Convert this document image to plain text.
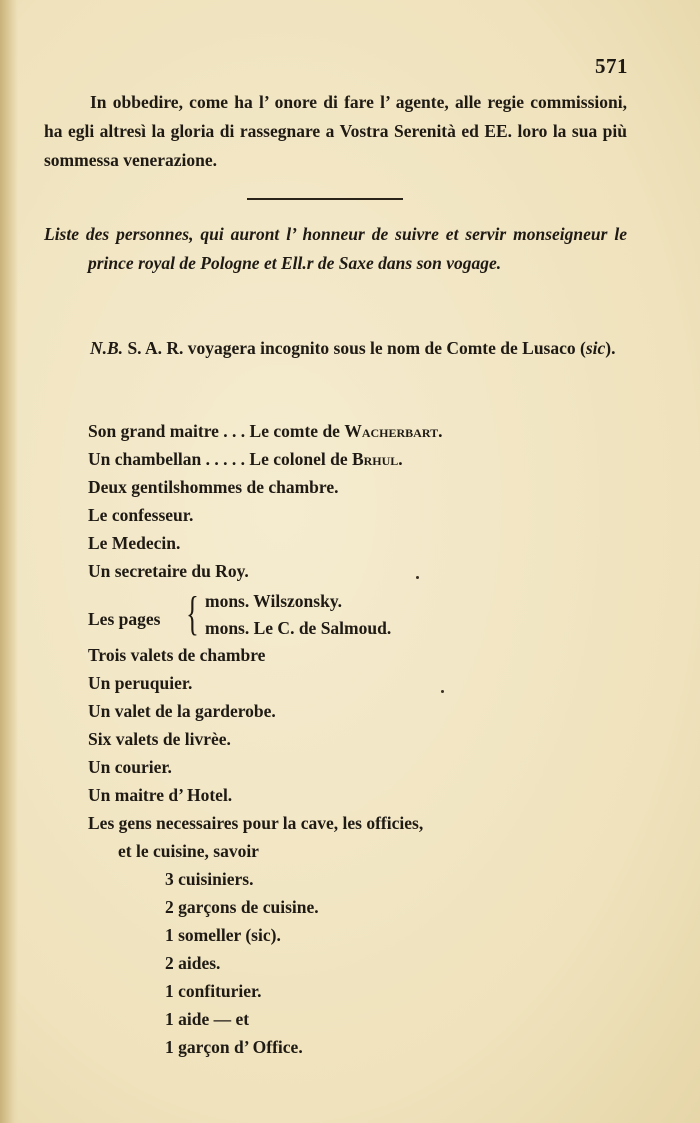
571
In obbedire, come ha l’ onore di fare l’ agente, alle regie commissioni, ha egli altresì la gloria di rassegnare a Vostra Serenità ed EE. loro la sua più sommessa venerazione.
Liste des personnes, qui auront l’ honneur de suivre et servir monseigneur le prince royal de Pologne et Ell.r de Saxe dans son vogage.
N.B. S. A. R. voyagera incognito sous le nom de Comte de Lusaco (sic).
Son grand maitre . . . Le comte de Wacherbart.
Un chambellan . . . . . Le colonel de Brhul.
Deux gentilshommes de chambre.
Le confesseur.
Le Medecin.
Un secretaire du Roy.
Les pages { mons. Wilszonsky.
mons. Le C. de Salmoud.
Trois valets de chambre
Un peruquier.
Un valet de la garderobe.
Six valets de livrèe.
Un courier.
Un maitre d’ Hotel.
Les gens necessaires pour la cave, les officies,
et le cuisine, savoir
3 cuisiniers.
2 garçons de cuisine.
1 someller (sic).
2 aides.
1 confiturier.
1 aide — et
1 garçon d’ Office.
